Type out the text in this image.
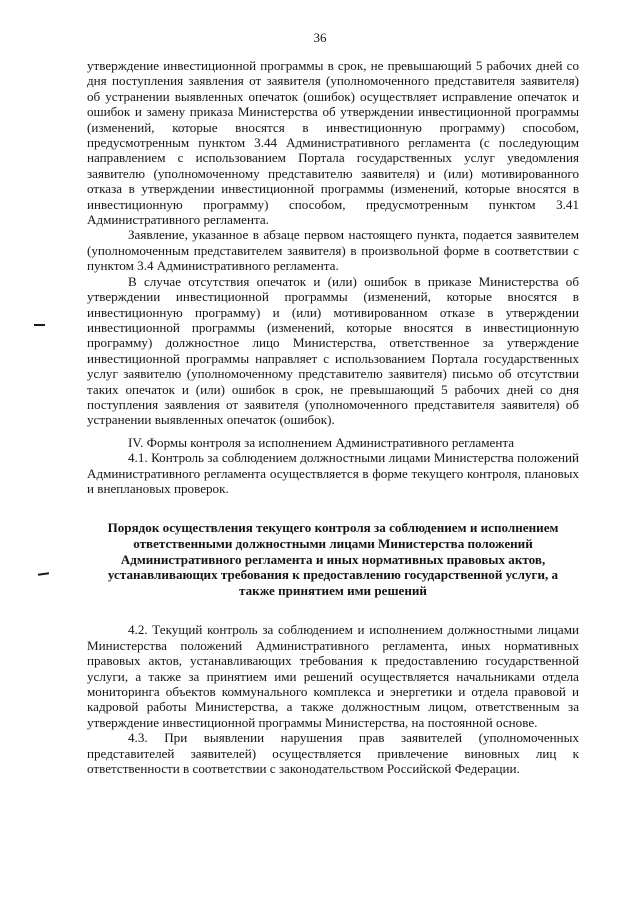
36

утверждение инвестиционной программы в срок, не превышающий 5 рабочих дней со дня поступления заявления от заявителя (уполномоченного представителя заявителя) об устранении выявленных опечаток (ошибок) осуществляет исправление опечаток и ошибок и замену приказа Министерства об утверждении инвестиционной программы (изменений, которые вносятся в инвестиционную программу) способом, предусмотренным пунктом 3.44 Административного регламента (с последующим направлением с использованием Портала государственных услуг уведомления заявителю (уполномоченному представителю заявителя) и (или) мотивированного отказа в утверждении инвестиционной программы (изменений, которые вносятся в инвестиционную программу) способом, предусмотренным пунктом 3.41 Административного регламента.

Заявление, указанное в абзаце первом настоящего пункта, подается заявителем (уполномоченным представителем заявителя) в произвольной форме в соответствии с пунктом 3.4 Административного регламента.

В случае отсутствия опечаток и (или) ошибок в приказе Министерства об утверждении инвестиционной программы (изменений, которые вносятся в инвестиционную программу) и (или) мотивированном отказе в утверждении инвестиционной программы (изменений, которые вносятся в инвестиционную программу) должностное лицо Министерства, ответственное за утверждение инвестиционной программы направляет с использованием Портала государственных услуг заявителю (уполномоченному представителю заявителя) письмо об отсутствии таких опечаток и (или) ошибок в срок, не превышающий 5 рабочих дней со дня поступления заявления от заявителя (уполномоченного представителя заявителя) об устранении выявленных опечаток (ошибок).

IV. Формы контроля за исполнением Административного регламента

4.1. Контроль за соблюдением должностными лицами Министерства положений Административного регламента осуществляется в форме текущего контроля, плановых и внеплановых проверок.

Порядок осуществления текущего контроля за соблюдением и исполнением ответственными должностными лицами Министерства положений Административного регламента и иных нормативных правовых актов, устанавливающих требования к предоставлению государственной услуги, а также принятием ими решений

4.2. Текущий контроль за соблюдением и исполнением должностными лицами Министерства положений Административного регламента, иных нормативных правовых актов, устанавливающих требования к предоставлению государственной услуги, а также за принятием ими решений осуществляется начальниками отдела мониторинга объектов коммунального комплекса и энергетики и отдела правовой и кадровой работы Министерства, а также должностным лицом, ответственным за утверждение инвестиционной программы Министерства, на постоянной основе.

4.3. При выявлении нарушения прав заявителей (уполномоченных представителей заявителей) осуществляется привлечение виновных лиц к ответственности в соответствии с законодательством Российской Федерации.
